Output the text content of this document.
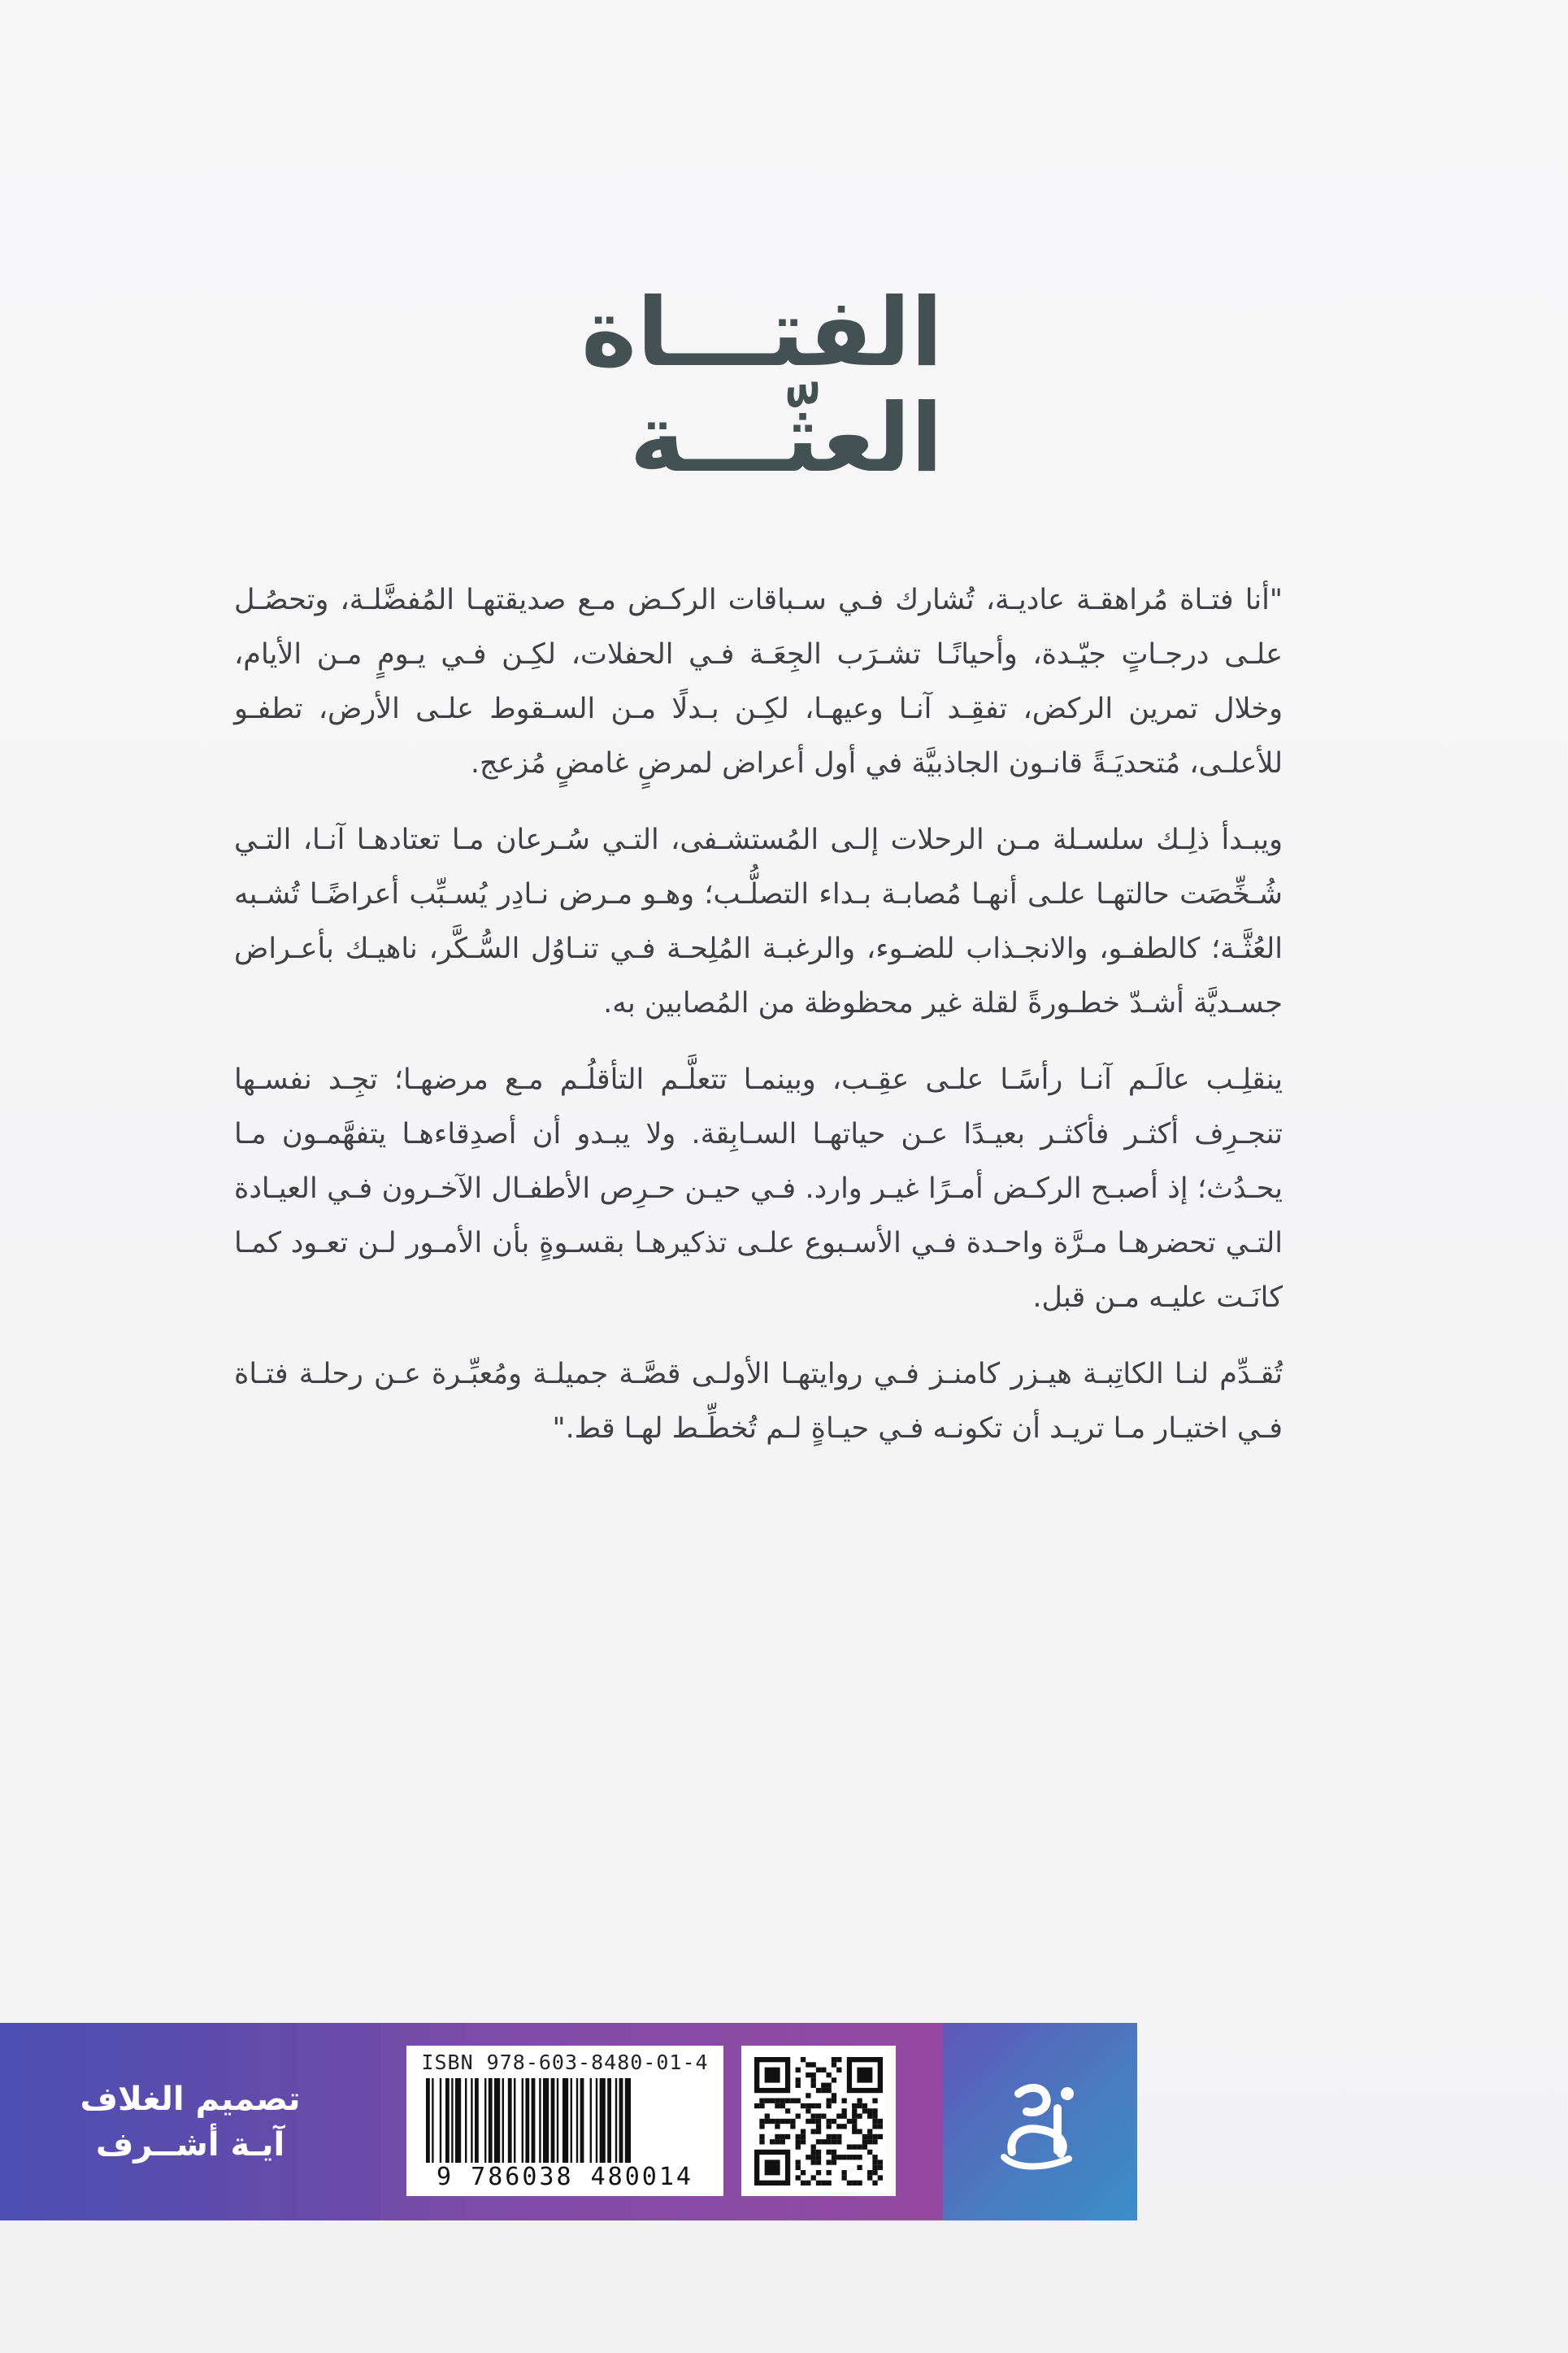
الفتـــاة
العثّـــة

"أنا فتـاة مُراهقـة عاديـة، تُشارك فـي سـباقات الركـض مـع صديقتهـا المُفضَّلـة، وتحصُـل علـى درجـاتٍ جيّـدة، وأحيانًـا تشـرَب الجِعَـة فـي الحفلات، لكِـن فـي يـومٍ مـن الأيام، وخلال تمرين الركض، تفقِـد آنـا وعيهـا، لكِـن بـدلًا مـن السـقوط علـى الأرض، تطفـو للأعلـى، مُتحديَـةً قانـون الجاذبيَّة في أول أعراض لمرضٍ غامضٍ مُزعج.

ويبـدأ ذلِـك سلسـلة مـن الرحلات إلـى المُستشـفى، التـي سُـرعان مـا تعتادهـا آنـا، التـي شُـخِّصَت حالتهـا علـى أنهـا مُصابـة بـداء التصلُّـب؛ وهـو مـرض نـادِر يُسـبِّب أعراضًـا تُشـبه العُثَّـة؛ كالطفـو، والانجـذاب للضـوء، والرغبـة المُلِحـة فـي تنـاوُل السُّـكَّر، ناهيـك بأعـراض جسـديَّة أشـدّ خطـورةً لقلة غير محظوظة من المُصابين به.

ينقلِـب عالَـم آنـا رأسًـا علـى عقِـب، وبينمـا تتعلَّـم التأقلُـم مـع مرضهـا؛ تجِـد نفسـها تنجـرِف أكثـر فأكثـر بعيـدًا عـن حياتهـا السـابِقة. ولا يبـدو أن أصدِقاءهـا يتفهَّمـون مـا يحـدُث؛ إذ أصبـح الركـض أمـرًا غيـر وارد. فـي حيـن حـرِص الأطفـال الآخـرون فـي العيـادة التـي تحضرهـا مـرَّة واحـدة فـي الأسـبوع علـى تذكيرهـا بقسـوةٍ بأن الأمـور لـن تعـود كمـا كانَـت عليـه مـن قبل.

تُقـدِّم لنـا الكاتِبـة هيـزر كامنـز فـي روايتهـا الأولـى قصَّـة جميلـة ومُعبِّـرة عـن رحلـة فتـاة فـي اختيـار مـا تريـد أن تكونـه فـي حيـاةٍ لـم تُخطِّـط لهـا قط."

تصميم الغلاف
آيـة أشــرف
ISBN 978-603-8480-01-4
9 786038 480014
